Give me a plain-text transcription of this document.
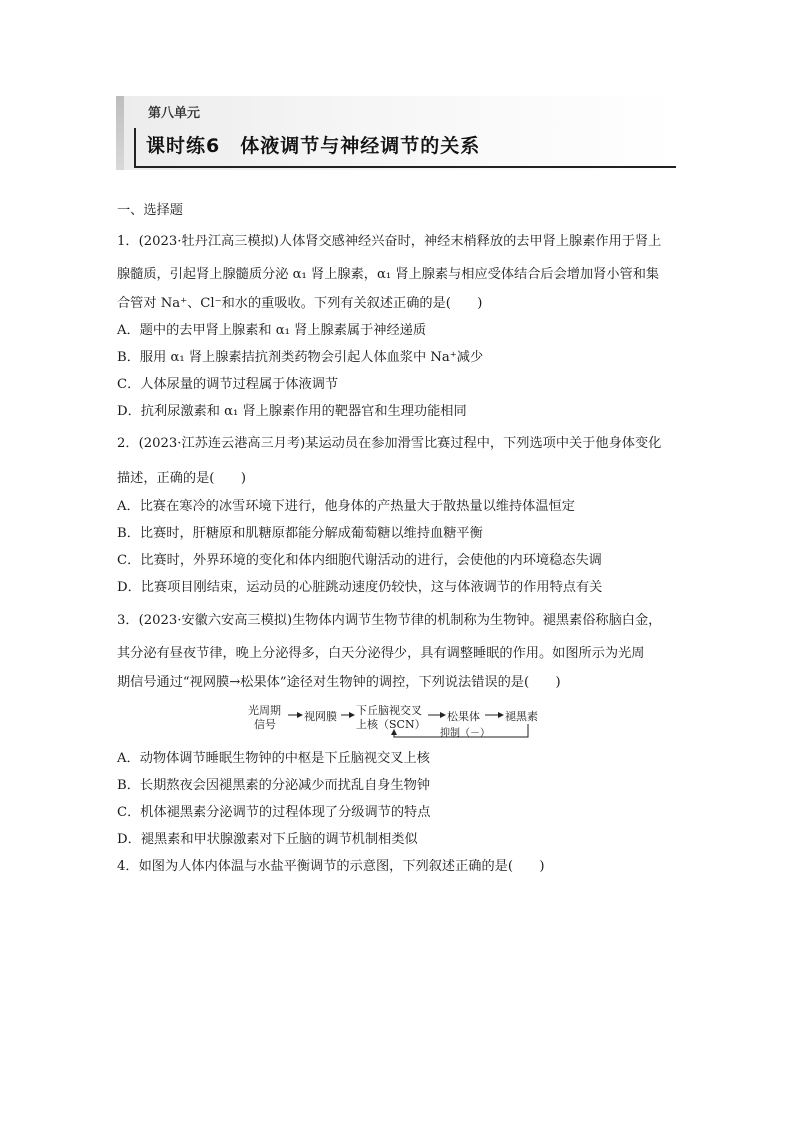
第八单元
课时练6 体液调节与神经调节的关系
一、选择题
1．(2023·牡丹江高三模拟)人体肾交感神经兴奋时，神经末梢释放的去甲肾上腺素作用于肾上
腺髓质，引起肾上腺髓质分泌 α₁ 肾上腺素，α₁ 肾上腺素与相应受体结合后会增加肾小管和集
合管对 Na⁺、Cl⁻和水的重吸收。下列有关叙述正确的是(　　)
A．题中的去甲肾上腺素和 α₁ 肾上腺素属于神经递质
B．服用 α₁ 肾上腺素拮抗剂类药物会引起人体血浆中 Na⁺减少
C．人体尿量的调节过程属于体液调节
D．抗利尿激素和 α₁ 肾上腺素作用的靶器官和生理功能相同
2．(2023·江苏连云港高三月考)某运动员在参加滑雪比赛过程中，下列选项中关于他身体变化
描述，正确的是(　　)
A．比赛在寒冷的冰雪环境下进行，他身体的产热量大于散热量以维持体温恒定
B．比赛时，肝糖原和肌糖原都能分解成葡萄糖以维持血糖平衡
C．比赛时，外界环境的变化和体内细胞代谢活动的进行，会使他的内环境稳态失调
D．比赛项目刚结束，运动员的心脏跳动速度仍较快，这与体液调节的作用特点有关
3．(2023·安徽六安高三模拟)生物体内调节生物节律的机制称为生物钟。褪黑素俗称脑白金，
其分泌有昼夜节律，晚上分泌得多，白天分泌得少，具有调整睡眠的作用。如图所示为光周
期信号通过“视网膜→松果体”途径对生物钟的调控，下列说法错误的是(　　)
光周期
信号
视网膜 下丘脑视交叉
上核（SCN）
松果体 褪黑素
抑制（－）
A．动物体调节睡眠生物钟的中枢是下丘脑视交叉上核
B．长期熬夜会因褪黑素的分泌减少而扰乱自身生物钟
C．机体褪黑素分泌调节的过程体现了分级调节的特点
D．褪黑素和甲状腺激素对下丘脑的调节机制相类似
4．如图为人体内体温与水盐平衡调节的示意图，下列叙述正确的是(　　)
